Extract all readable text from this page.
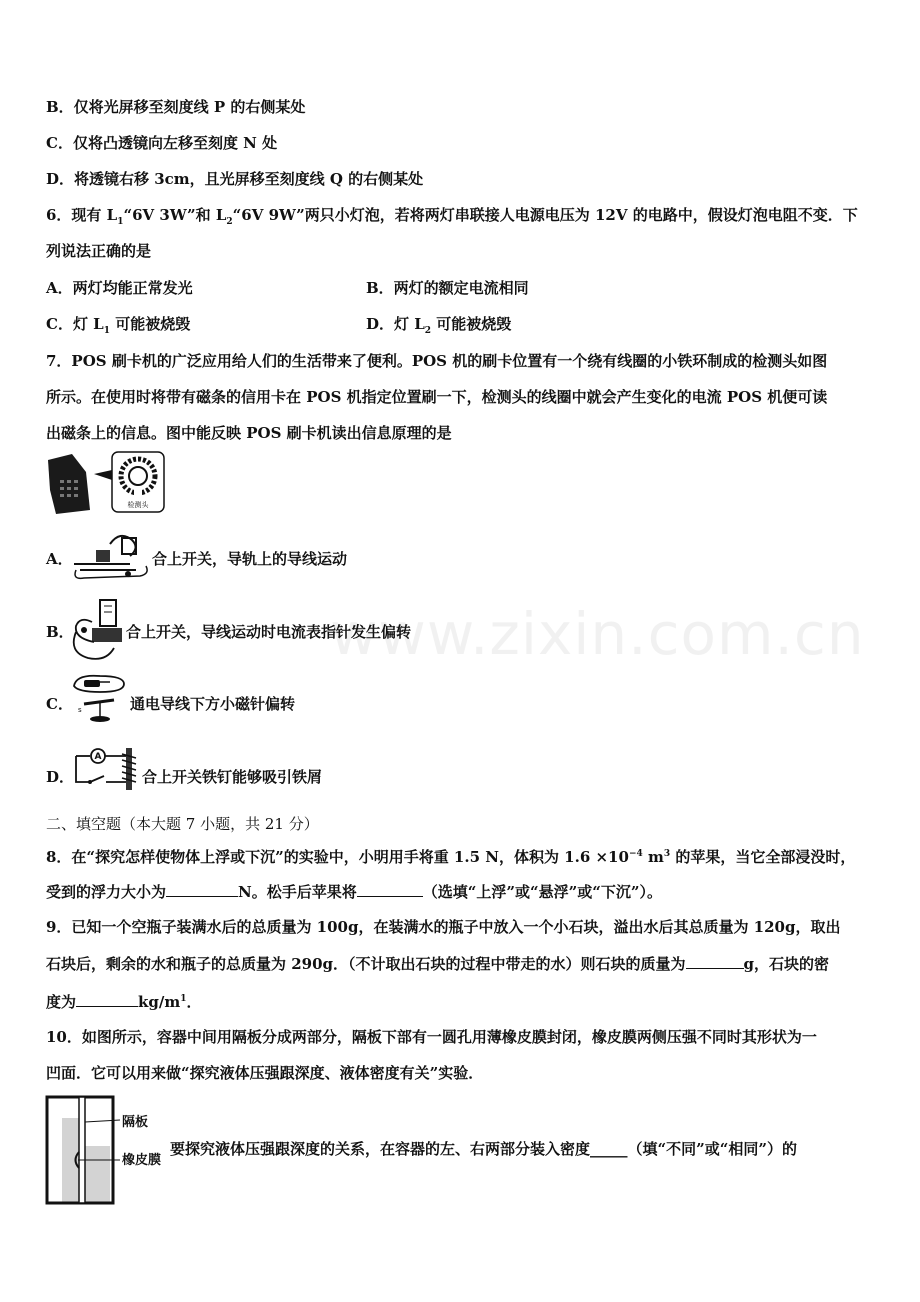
www.zixin.com.cn
B．仅将光屏移至刻度线 P 的右侧某处
C．仅将凸透镜向左移至刻度 N 处
D．将透镜右移 3cm，且光屏移至刻度线 Q 的右侧某处
6．现有 $L_1“6V$ 3W”和 $L_2“6V$ 9W”两只小灯泡，若将两灯串联接人电源电压为 12V 的电路中，假设灯泡电阻不变．下
列说法正确的是
A．两灯均能正常发光	B．两灯的额定电流相同
C．灯 $L_1$ 可能被烧毁	D．灯 $L_2$ 可能被烧毁
7．POS 刷卡机的广泛应用给人们的生活带来了便利。POS 机的刷卡位置有一个绕有线圈的小铁环制成的检测头如图
所示。在使用时将带有磁条的信用卡在 POS 机指定位置刷一下，检测头的线圈中就会产生变化的电流 POS 机便可读
出磁条上的信息。图中能反映 POS 刷卡机读出信息原理的是
检测头
A．	合上开关，导轨上的导线运动
B．	合上开关，导线运动时电流表指针发生偏转
C． s	通电导线下方小磁针偏转
D．
A
合上开关铁钉能够吸引铁屑
二、填空题（本大题 7 小题，共 21 分）
8．在“探究怎样使物体上浮或下沉”的实验中，小明用手将重 1.5 N，体积为 $1.6 \times 10^{-4}$ $m^3$ 的苹果，当它全部浸没时，
受到的浮力大小为	N。松手后苹果将	（选填“上浮”或“悬浮”或“下沉”）。
9．已知一个空瓶子装满水后的总质量为 100g，在装满水的瓶子中放入一个小石块，溢出水后其总质量为 120g，取出
石块后，剩余的水和瓶子的总质量为 290g．（不计取出石块的过程中带走的水）则石块的质量为	g，石块的密
度为	$kg/m^1$．
10．如图所示，容器中间用隔板分成两部分，隔板下部有一圆孔用薄橡皮膜封闭，橡皮膜两侧压强不同时其形状为一
凹面．它可以用来做“探究液体压强跟深度、液体密度有关”实验．
隔板
橡皮膜
要探究液体压强跟深度的关系，在容器的左、右两部分装入密度_____（填“不同”或“相同”）的
